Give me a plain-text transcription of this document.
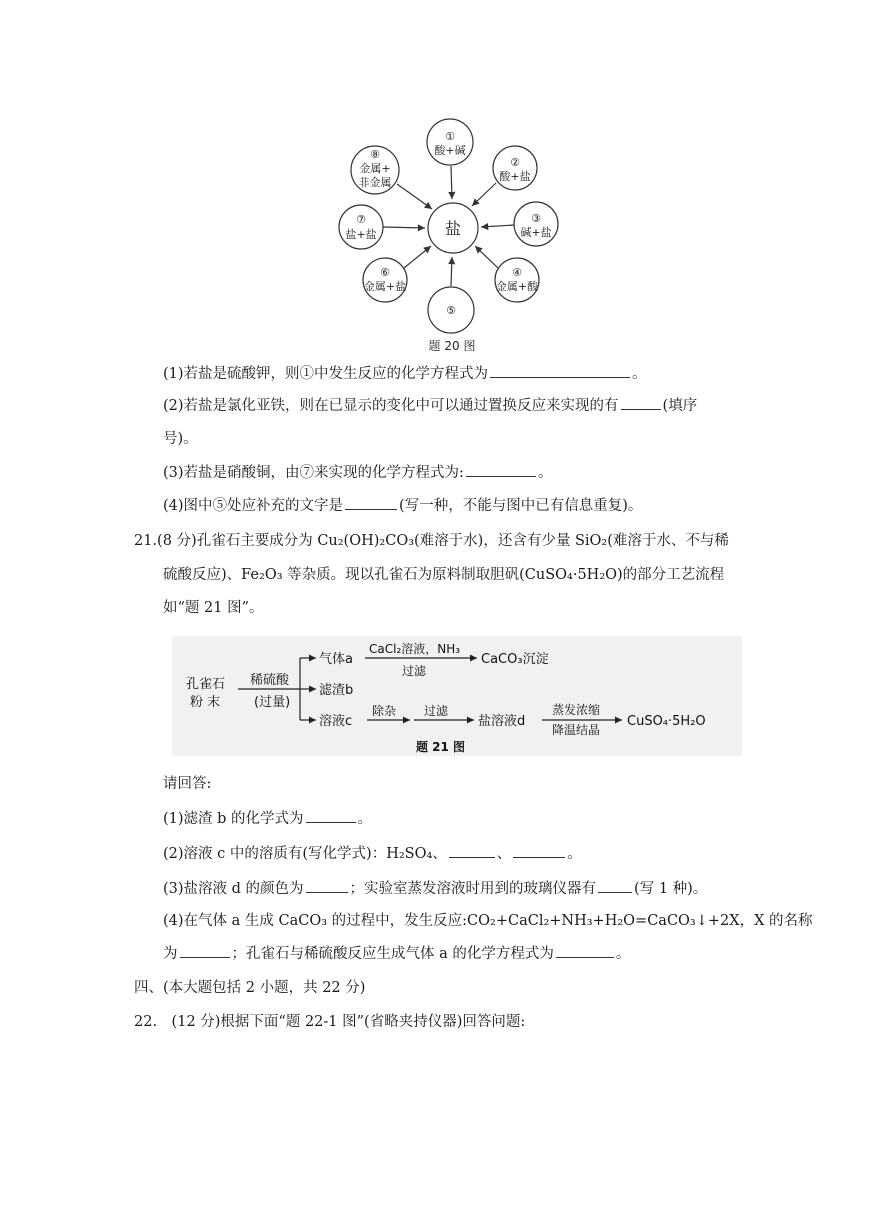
盐
①
酸+碱
②
酸+盐
③
碱+盐
④
金属+酸
⑤
⑥
金属+盐
⑦
盐+盐
⑧
金属+
非金属
题 20 图
(1)若盐是硫酸钾，则①中发生反应的化学方程式为	。
(2)若盐是氯化亚铁，则在已显示的变化中可以通过置换反应来实现的有	(填序
号)。
(3)若盐是硝酸铜，由⑦来实现的化学方程式为:	。
(4)图中⑤处应补充的文字是	(写一种，不能与图中已有信息重复)。
21.(8 分)孔雀石主要成分为 Cu₂(OH)₂CO₃(难溶于水)，还含有少量 SiO₂(难溶于水、不与稀
硫酸反应)、Fe₂O₃ 等杂质。现以孔雀石为原料制取胆矾(CuSO₄·5H₂O)的部分工艺流程
如“题 21 图”。
孔雀石
粉 末
稀硫酸
(过量)
气体a
CaCl₂溶液，NH₃
过滤
CaCO₃沉淀
滤渣b
溶液c
除杂 过滤
盐溶液d
蒸发浓缩
降温结晶
CuSO₄·5H₂O
题 21 图
请回答:
(1)滤渣 b 的化学式为	。
(2)溶液 c 中的溶质有(写化学式)：H₂SO₄、	、	。
(3)盐溶液 d 的颜色为	；实验室蒸发溶液时用到的玻璃仪器有	(写 1 种)。
(4)在气体 a 生成 CaCO₃ 的过程中，发生反应:CO₂+CaCl₂+NH₃+H₂O=CaCO₃↓+2X，X 的名称
为	；孔雀石与稀硫酸反应生成气体 a 的化学方程式为	。
四、(本大题包括 2 小题，共 22 分)
22.　(12 分)根据下面“题 22-1 图”(省略夹持仪器)回答问题:
